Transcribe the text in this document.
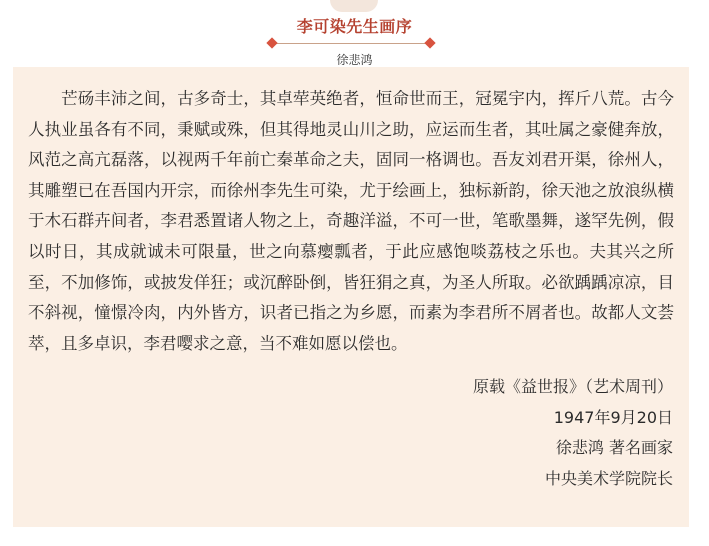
李可染先生画序
徐悲鸿

　　芒砀丰沛之间，古多奇士，其卓荦英绝者，恒命世而王，冠冕宇内，挥斤八荒。古今人执业虽各有不同，秉赋或殊，但其得地灵山川之助，应运而生者，其吐属之豪健奔放，风范之高亢磊落，以视两千年前亡秦革命之夫，固同一格调也。吾友刘君开渠，徐州人，其雕塑已在吾国内开宗，而徐州李先生可染，尤于绘画上，独标新韵，徐天池之放浪纵横于木石群卉间者，李君悉置诸人物之上，奇趣洋溢，不可一世，笔歌墨舞，遂罕先例，假以时日，其成就诚未可限量，世之向慕瘿瓢者，于此应感饱啖荔枝之乐也。夫其兴之所至，不加修饰，或披发佯狂；或沉醉卧倒，皆狂狷之真，为圣人所取。必欲踽踽凉凉，目不斜视，憧憬冷肉，内外皆方，识者已指之为乡愿，而素为李君所不屑者也。故都人文荟萃，且多卓识，李君嘤求之意，当不难如愿以偿也。

原载《益世报》（艺术周刊）
1947年9月20日
徐悲鸿 著名画家
中央美术学院院长
